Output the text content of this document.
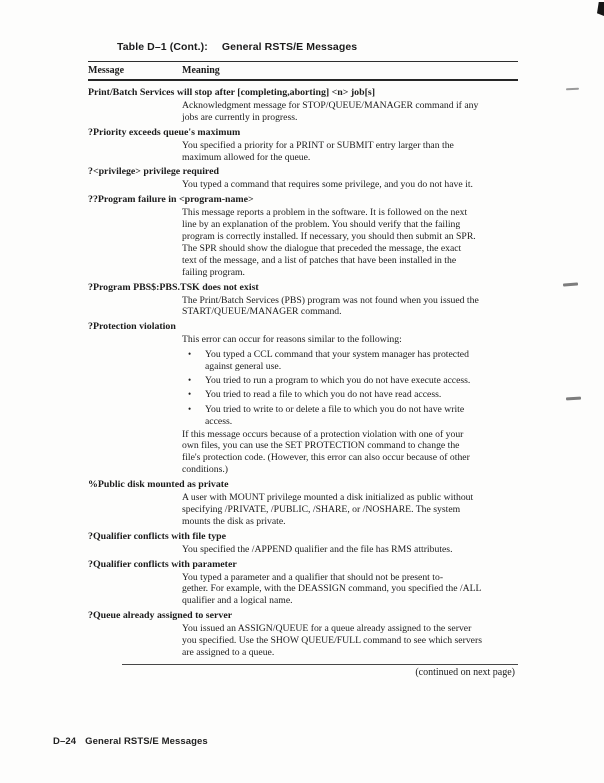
Table D–1 (Cont.): General RSTS/E Messages
Message	Meaning
Print/Batch Services will stop after [completing,aborting] <n> job[s]
Acknowledgment message for STOP/QUEUE/MANAGER command if any
jobs are currently in progress.
?Priority exceeds queue's maximum
You specified a priority for a PRINT or SUBMIT entry larger than the
maximum allowed for the queue.
?<privilege> privilege required
You typed a command that requires some privilege, and you do not have it.
??Program failure in <program-name>
This message reports a problem in the software. It is followed on the next
line by an explanation of the problem. You should verify that the failing
program is correctly installed. If necessary, you should then submit an SPR.
The SPR should show the dialogue that preceded the message, the exact
text of the message, and a list of patches that have been installed in the
failing program.
?Program PBS$:PBS.TSK does not exist
The Print/Batch Services (PBS) program was not found when you issued the
START/QUEUE/MANAGER command.
?Protection violation
This error can occur for reasons similar to the following:
•	You typed a CCL command that your system manager has protected
against general use.
•	You tried to run a program to which you do not have execute access.
•	You tried to read a file to which you do not have read access.
•	You tried to write to or delete a file to which you do not have write
access.
If this message occurs because of a protection violation with one of your
own files, you can use the SET PROTECTION command to change the
file's protection code. (However, this error can also occur because of other
conditions.)
%Public disk mounted as private
A user with MOUNT privilege mounted a disk initialized as public without
specifying /PRIVATE, /PUBLIC, /SHARE, or /NOSHARE. The system
mounts the disk as private.
?Qualifier conflicts with file type
You specified the /APPEND qualifier and the file has RMS attributes.
?Qualifier conflicts with parameter
You typed a parameter and a qualifier that should not be present to-
gether. For example, with the DEASSIGN command, you specified the /ALL
qualifier and a logical name.
?Queue already assigned to server
You issued an ASSIGN/QUEUE for a queue already assigned to the server
you specified. Use the SHOW QUEUE/FULL command to see which servers
are assigned to a queue.
(continued on next page)
D–24 General RSTS/E Messages
